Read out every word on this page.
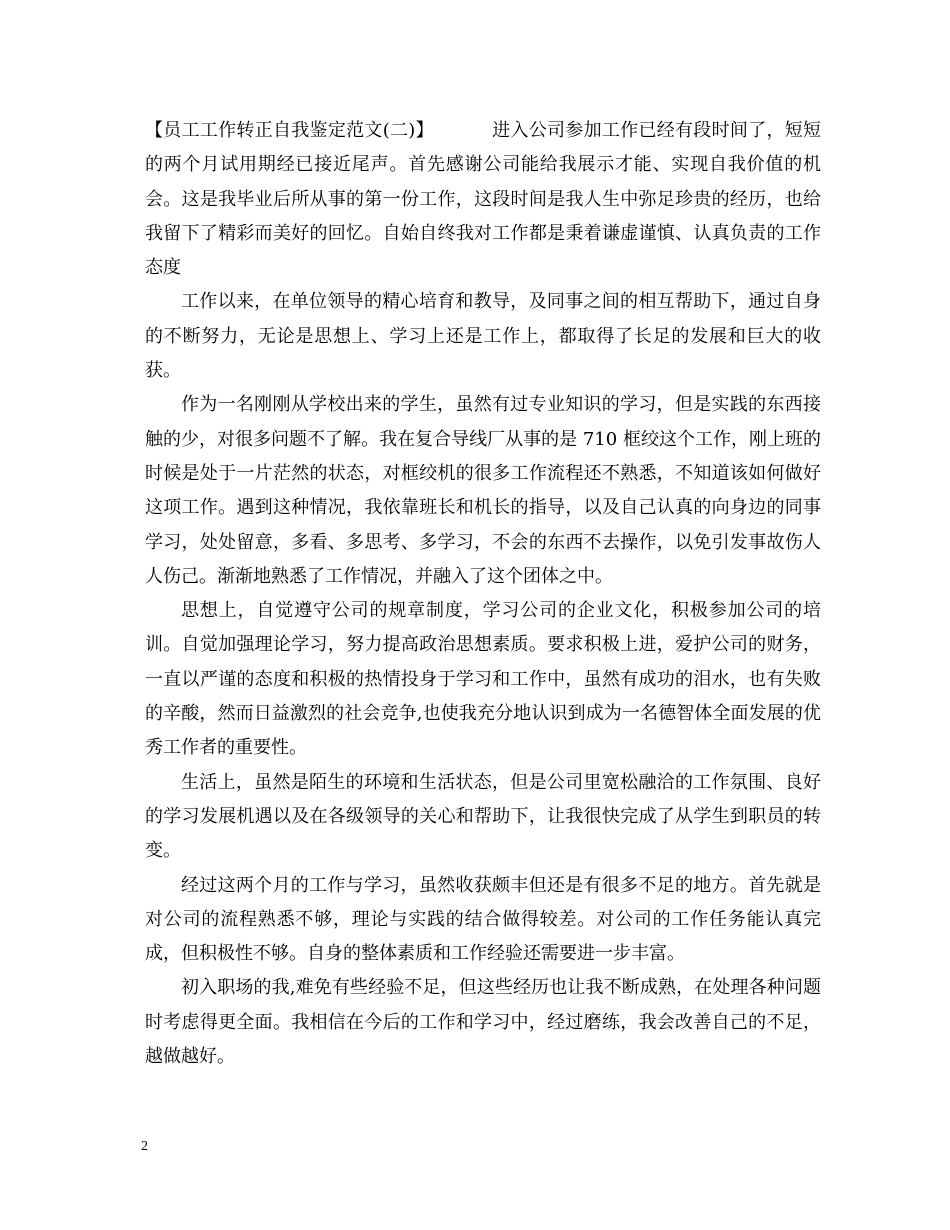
【员工工作转正自我鉴定范文(二)】	进入公司参加工作已经有段时间了，短短的两个月试用期经已接近尾声。首先感谢公司能给我展示才能、实现自我价值的机会。这是我毕业后所从事的第一份工作，这段时间是我人生中弥足珍贵的经历，也给我留下了精彩而美好的回忆。自始自终我对工作都是秉着谦虚谨慎、认真负责的工作态度

工作以来，在单位领导的精心培育和教导，及同事之间的相互帮助下，通过自身的不断努力，无论是思想上、学习上还是工作上，都取得了长足的发展和巨大的收获。

作为一名刚刚从学校出来的学生，虽然有过专业知识的学习，但是实践的东西接触的少，对很多问题不了解。我在复合导线厂从事的是 710 框绞这个工作，刚上班的时候是处于一片茫然的状态，对框绞机的很多工作流程还不熟悉，不知道该如何做好这项工作。遇到这种情况，我依靠班长和机长的指导，以及自己认真的向身边的同事学习，处处留意，多看、多思考、多学习，不会的东西不去操作，以免引发事故伤人人伤己。渐渐地熟悉了工作情况，并融入了这个团体之中。

思想上，自觉遵守公司的规章制度，学习公司的企业文化，积极参加公司的培训。自觉加强理论学习，努力提高政治思想素质。要求积极上进，爱护公司的财务，一直以严谨的态度和积极的热情投身于学习和工作中，虽然有成功的泪水，也有失败的辛酸，然而日益激烈的社会竞争,也使我充分地认识到成为一名德智体全面发展的优秀工作者的重要性。

生活上，虽然是陌生的环境和生活状态，但是公司里宽松融洽的工作氛围、良好的学习发展机遇以及在各级领导的关心和帮助下，让我很快完成了从学生到职员的转变。

经过这两个月的工作与学习，虽然收获颇丰但还是有很多不足的地方。首先就是对公司的流程熟悉不够，理论与实践的结合做得较差。对公司的工作任务能认真完成，但积极性不够。自身的整体素质和工作经验还需要进一步丰富。

初入职场的我,难免有些经验不足，但这些经历也让我不断成熟，在处理各种问题时考虑得更全面。我相信在今后的工作和学习中，经过磨练，我会改善自己的不足，越做越好。

2
